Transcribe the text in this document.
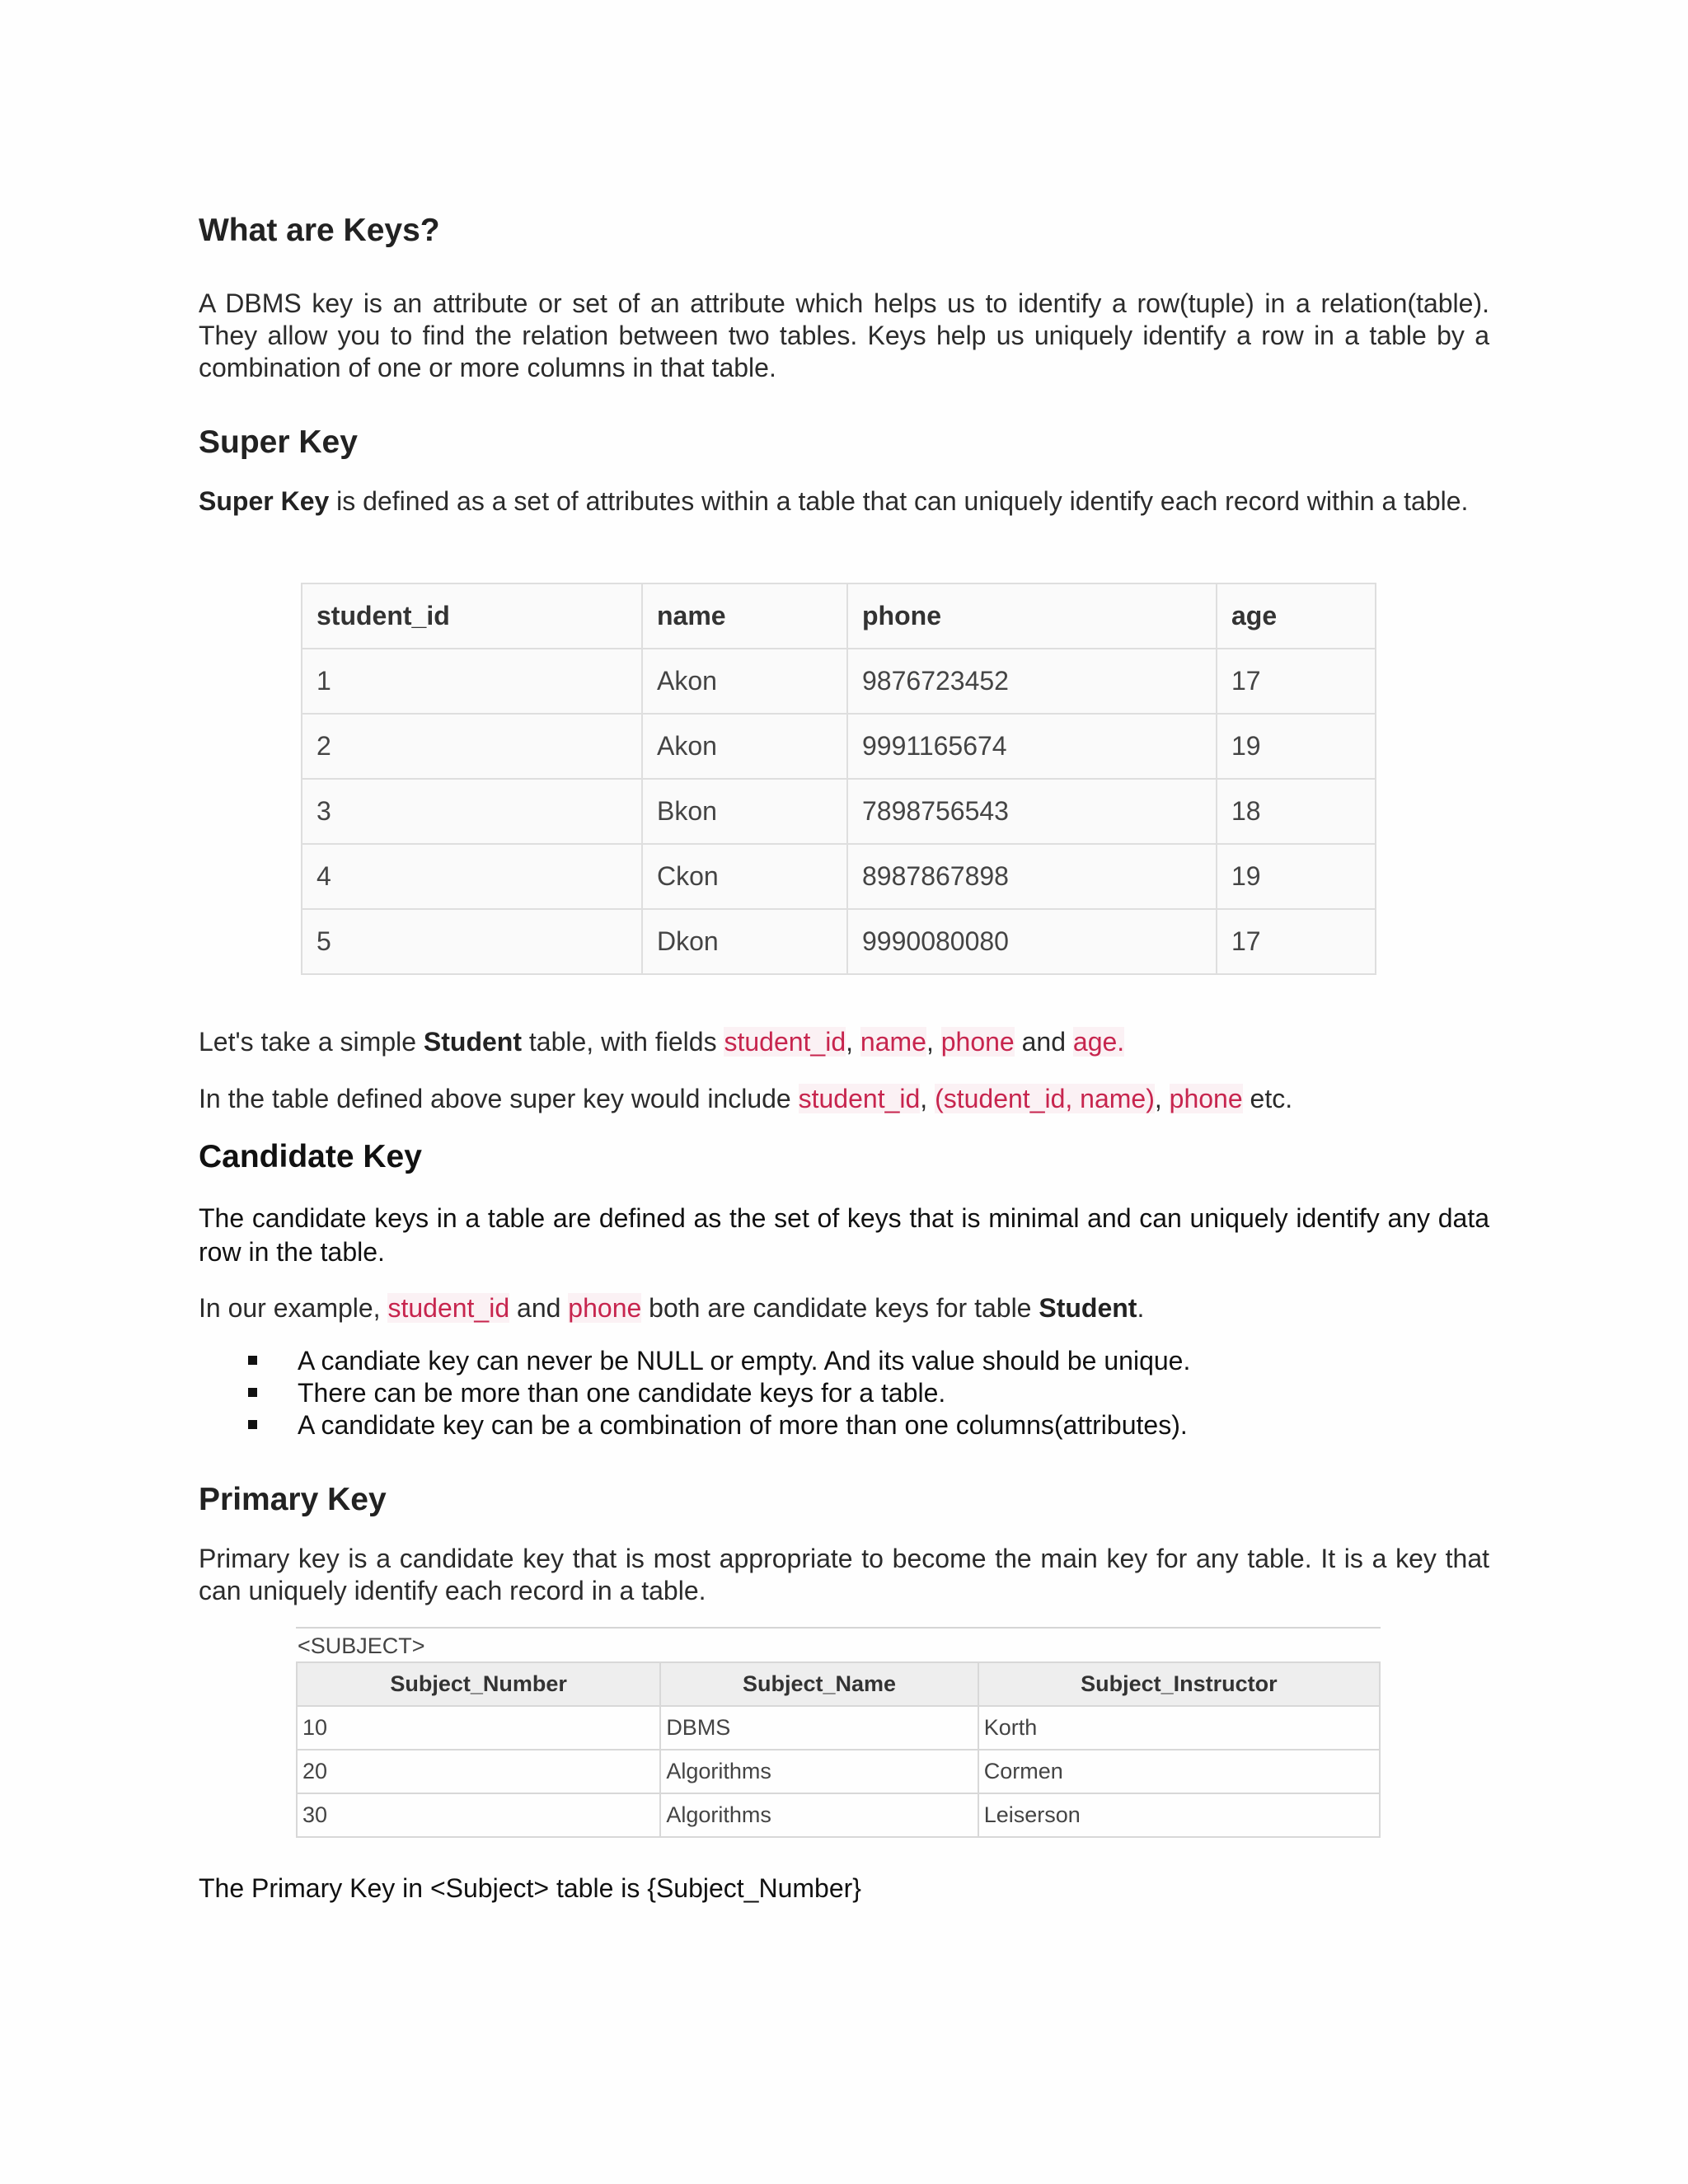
What are Keys?

A DBMS key is an attribute or set of an attribute which helps us to identify a row(tuple) in a relation(table). They allow you to find the relation between two tables. Keys help us uniquely identify a row in a table by a combination of one or more columns in that table.

Super Key

Super Key is defined as a set of attributes within a table that can uniquely identify each record within a table.

student_id	name	phone	age
1	Akon	9876723452	17
2	Akon	9991165674	19
3	Bkon	7898756543	18
4	Ckon	8987867898	19
5	Dkon	9990080080	17

Let's take a simple Student table, with fields student_id, name, phone and age.

In the table defined above super key would include student_id, (student_id, name), phone etc.

Candidate Key

The candidate keys in a table are defined as the set of keys that is minimal and can uniquely identify any data row in the table.

In our example, student_id and phone both are candidate keys for table Student.

A candiate key can never be NULL or empty. And its value should be unique.
There can be more than one candidate keys for a table.
A candidate key can be a combination of more than one columns(attributes).
Primary Key

Primary key is a candidate key that is most appropriate to become the main key for any table. It is a key that can uniquely identify each record in a table.

<SUBJECT>
Subject_Number	Subject_Name	Subject_Instructor
10	DBMS	Korth
20	Algorithms	Cormen
30	Algorithms	Leiserson

The Primary Key in <Subject> table is {Subject_Number}
